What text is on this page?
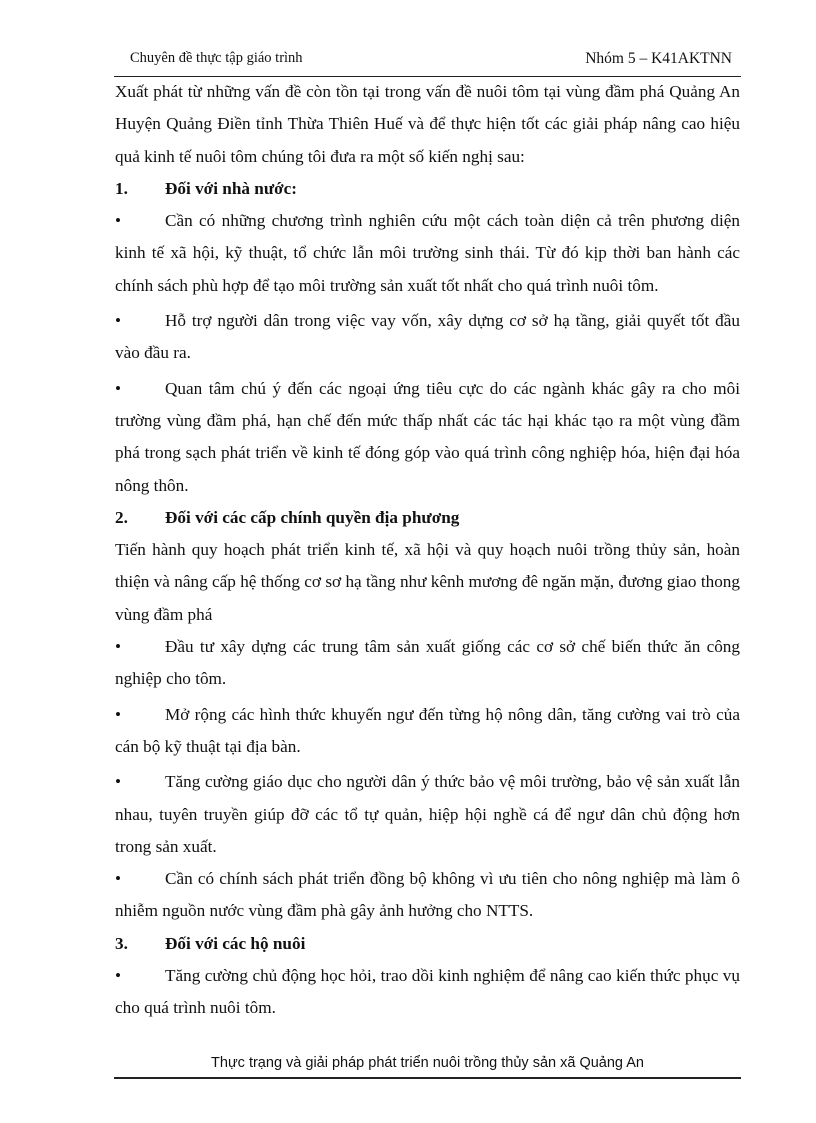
Chuyên đề thực tập giáo trình	Nhóm 5 – K41AKTNN

Xuất phát từ những vấn đề còn tồn tại trong vấn đề nuôi tôm tại vùng đầm phá Quảng An Huyện Quảng Điền tỉnh Thừa Thiên Huế và để thực hiện tốt các giải pháp nâng cao hiệu quả kinh tế nuôi tôm chúng tôi đưa ra một số kiến nghị sau:

1.	Đối với nhà nước:

•	Cần có những chương trình nghiên cứu một cách toàn diện cả trên phương diện kinh tế xã hội, kỹ thuật, tổ chức lẫn môi trường sinh thái. Từ đó kịp thời ban hành các chính sách phù hợp để tạo môi trường sản xuất tốt nhất cho quá trình nuôi tôm.

•	Hỗ trợ người dân trong việc vay vốn, xây dựng cơ sở hạ tầng, giải quyết tốt đầu vào đầu ra.

•	Quan tâm chú ý đến các ngoại ứng tiêu cực do các ngành khác gây ra cho môi trường vùng đầm phá, hạn chế đến mức thấp nhất các tác hại khác tạo ra một vùng đầm phá trong sạch phát triển về kinh tế đóng góp vào quá trình công nghiệp hóa, hiện đại hóa nông thôn.

2.	Đối với các cấp chính quyền địa phương

Tiến hành quy hoạch phát triển kinh tế, xã hội và quy hoạch nuôi trồng thủy sản, hoàn thiện và nâng cấp hệ thống cơ sơ hạ tầng như kênh mương đê ngăn mặn, đương giao thong vùng đầm phá

•	Đầu tư xây dựng các trung tâm sản xuất giống các cơ sở chế biến thức ăn công nghiệp cho tôm.

•	Mở rộng các hình thức khuyến ngư đến từng hộ nông dân, tăng cường vai trò của cán bộ kỹ thuật tại địa bàn.

•	Tăng cường giáo dục cho người dân ý thức bảo vệ môi trường, bảo vệ sản xuất lẫn nhau, tuyên truyền giúp đỡ các tổ tự quản, hiệp hội nghề cá để ngư dân chủ động hơn trong sản xuất.

•	Cần có chính sách phát triển đồng bộ không vì ưu tiên cho nông nghiệp mà làm ô nhiễm nguồn nước vùng đầm phà gây ảnh hưởng cho NTTS.

3.	Đối với các hộ nuôi

•	Tăng cường chủ động học hỏi, trao dồi kinh nghiệm để nâng cao kiến thức phục vụ cho quá trình nuôi tôm.

Thực trạng và giải pháp phát triển nuôi trồng thủy sản xã Quảng An
